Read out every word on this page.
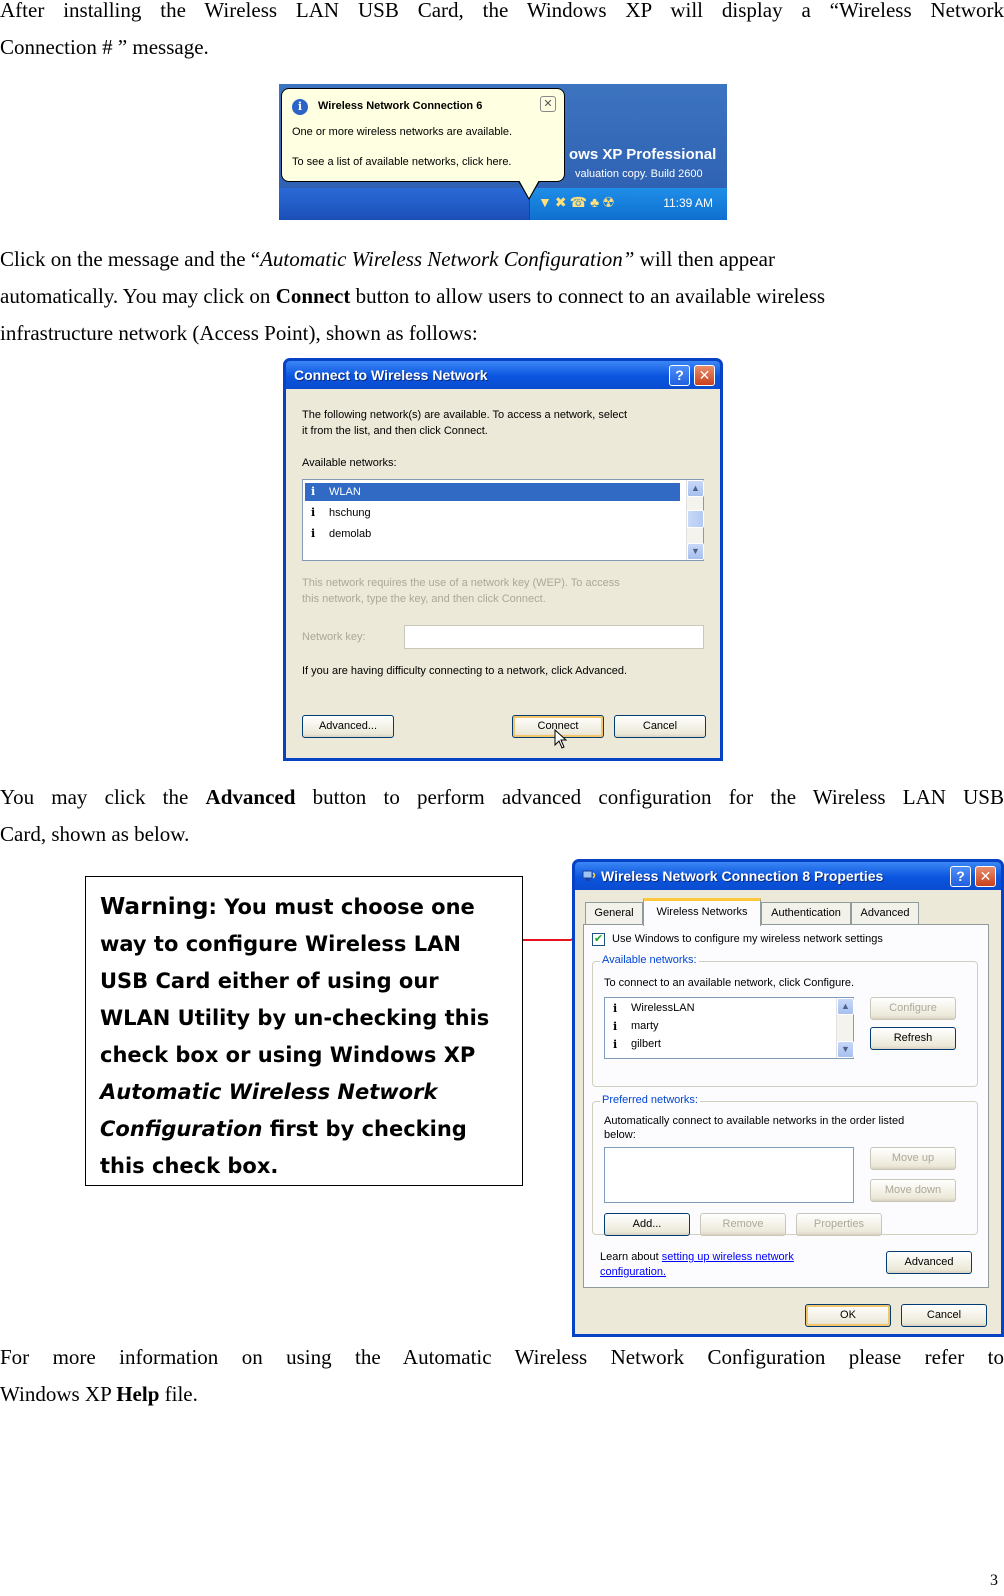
After installing the Wireless LAN USB Card, the Windows XP will display a “Wireless Network

Connection # ” message.

ows XP Professional
valuation copy. Build 2600
▼✖☎♣☢	11:39 AM
i	Wireless Network Connection 6	✕
One or more wireless networks are available.
To see a list of available networks, click here.

Click on the message and the “Automatic Wireless Network Configuration” will then appear

automatically. You may click on Connect button to allow users to connect to an available wireless

infrastructure network (Access Point), shown as follows:

Connect to Wireless Network	?	✕
The following network(s) are available. To access a network, select
it from the list, and then click Connect.
Available networks:
i WLAN
i hschung
i demolab
▲
▼
This network requires the use of a network key (WEP). To access
this network, type the key, and then click Connect.
Network key:
If you are having difficulty connecting to a network, click Advanced.
Advanced...	Connect	Cancel

You may click the Advanced button to perform advanced configuration for the Wireless LAN USB

Card, shown as below.

Warning: You must choose one
way to configure Wireless LAN
USB Card either of using our
WLAN Utility by un-checking this
check box or using Windows XP
Automatic Wireless Network
Configuration first by checking
this check box.
Wireless Network Connection 8 Properties	?	✕
General	Wireless Networks	Authentication	Advanced
✔ Use Windows to configure my wireless network settings
Available networks:
To connect to an available network, click Configure.
i WirelessLAN
i marty
i gilbert
▲
▼
Configure
Refresh
Preferred networks:
Automatically connect to available networks in the order listed
below:
Move up
Move down
Add...	Remove	Properties
Learn about setting up wireless network
configuration.
Advanced
OK	Cancel

For more information on using the Automatic Wireless Network Configuration please refer to

Windows XP Help file.

3
